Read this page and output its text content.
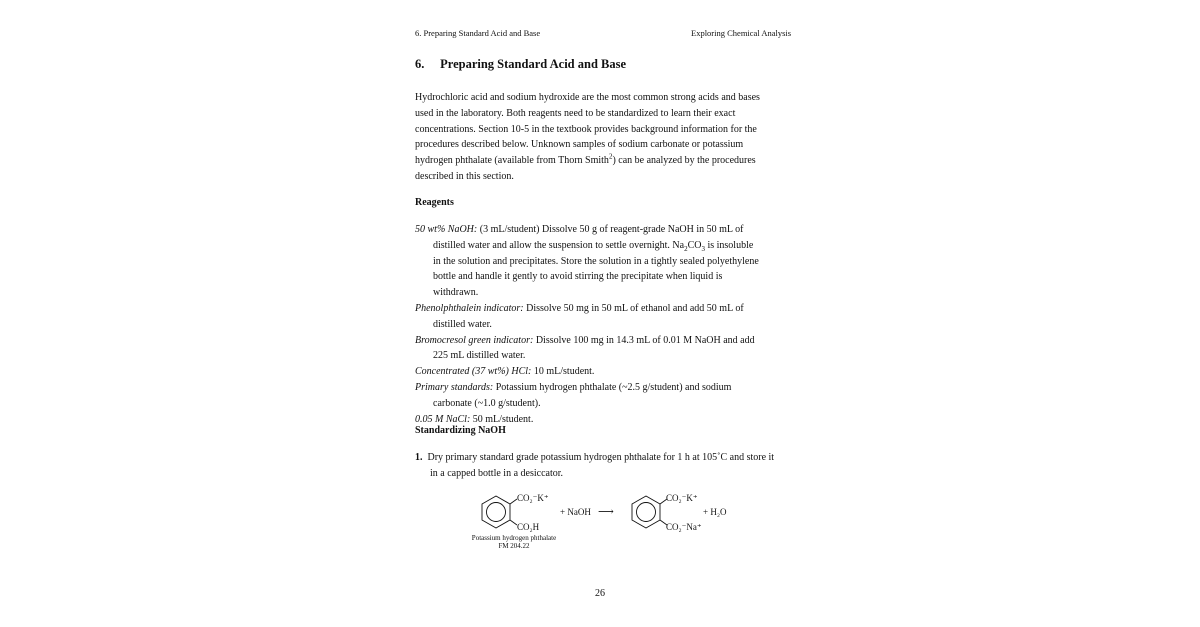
6. Preparing Standard Acid and Base	Exploring Chemical Analysis
6. Preparing Standard Acid and Base
Hydrochloric acid and sodium hydroxide are the most common strong acids and bases used in the laboratory. Both reagents need to be standardized to learn their exact concentrations. Section 10-5 in the textbook provides background information for the procedures described below. Unknown samples of sodium carbonate or potassium hydrogen phthalate (available from Thorn Smith$^2$) can be analyzed by the procedures described in this section.
Reagents
50 wt% NaOH: (3 mL/student) Dissolve 50 g of reagent-grade NaOH in 50 mL of distilled water and allow the suspension to settle overnight. $Na_2CO_3$ is insoluble in the solution and precipitates. Store the solution in a tightly sealed polyethylene bottle and handle it gently to avoid stirring the precipitate when liquid is withdrawn.
Phenolphthalein indicator: Dissolve 50 mg in 50 mL of ethanol and add 50 mL of distilled water.
Bromocresol green indicator: Dissolve 100 mg in 14.3 mL of 0.01 M NaOH and add 225 mL distilled water.
Concentrated (37 wt%) HCl: 10 mL/student.
Primary standards: Potassium hydrogen phthalate (~2.5 g/student) and sodium carbonate (~1.0 g/student).
0.05 M NaCl: 50 mL/student.
Standardizing NaOH
1. Dry primary standard grade potassium hydrogen phthalate for 1 h at 105˚C and store it in a capped bottle in a desiccator.
CO₂⁻K⁺
CO₂H
+ NaOH ⟶
CO₂⁻K⁺
CO₂⁻Na⁺
+ H₂O
Potassium hydrogen phthalate
FM 204.22
26
